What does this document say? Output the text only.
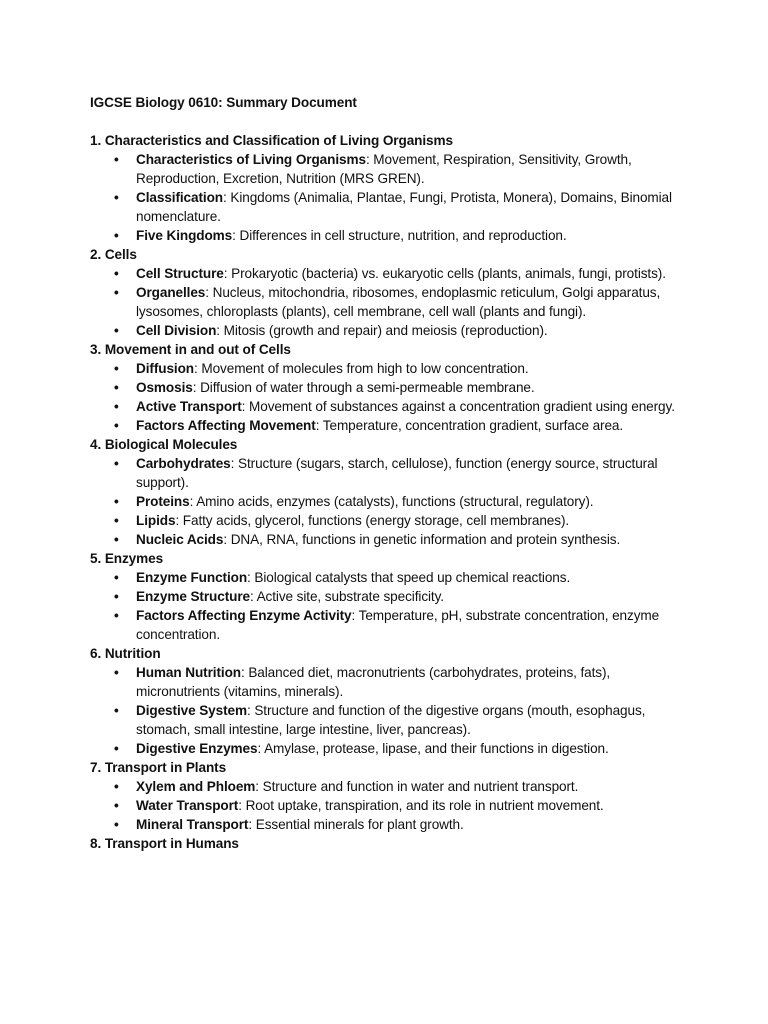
IGCSE Biology 0610: Summary Document

1. Characteristics and Classification of Living Organisms

• Characteristics of Living Organisms: Movement, Respiration, Sensitivity, Growth, Reproduction, Excretion, Nutrition (MRS GREN).
• Classification: Kingdoms (Animalia, Plantae, Fungi, Protista, Monera), Domains, Binomial nomenclature.
• Five Kingdoms: Differences in cell structure, nutrition, and reproduction.

2. Cells

• Cell Structure: Prokaryotic (bacteria) vs. eukaryotic cells (plants, animals, fungi, protists).
• Organelles: Nucleus, mitochondria, ribosomes, endoplasmic reticulum, Golgi apparatus, lysosomes, chloroplasts (plants), cell membrane, cell wall (plants and fungi).
• Cell Division: Mitosis (growth and repair) and meiosis (reproduction).

3. Movement in and out of Cells

• Diffusion: Movement of molecules from high to low concentration.
• Osmosis: Diffusion of water through a semi-permeable membrane.
• Active Transport: Movement of substances against a concentration gradient using energy.
• Factors Affecting Movement: Temperature, concentration gradient, surface area.

4. Biological Molecules

• Carbohydrates: Structure (sugars, starch, cellulose), function (energy source, structural support).
• Proteins: Amino acids, enzymes (catalysts), functions (structural, regulatory).
• Lipids: Fatty acids, glycerol, functions (energy storage, cell membranes).
• Nucleic Acids: DNA, RNA, functions in genetic information and protein synthesis.

5. Enzymes

• Enzyme Function: Biological catalysts that speed up chemical reactions.
• Enzyme Structure: Active site, substrate specificity.
• Factors Affecting Enzyme Activity: Temperature, pH, substrate concentration, enzyme concentration.

6. Nutrition

• Human Nutrition: Balanced diet, macronutrients (carbohydrates, proteins, fats), micronutrients (vitamins, minerals).
• Digestive System: Structure and function of the digestive organs (mouth, esophagus, stomach, small intestine, large intestine, liver, pancreas).
• Digestive Enzymes: Amylase, protease, lipase, and their functions in digestion.

7. Transport in Plants

• Xylem and Phloem: Structure and function in water and nutrient transport.
• Water Transport: Root uptake, transpiration, and its role in nutrient movement.
• Mineral Transport: Essential minerals for plant growth.

8. Transport in Humans
